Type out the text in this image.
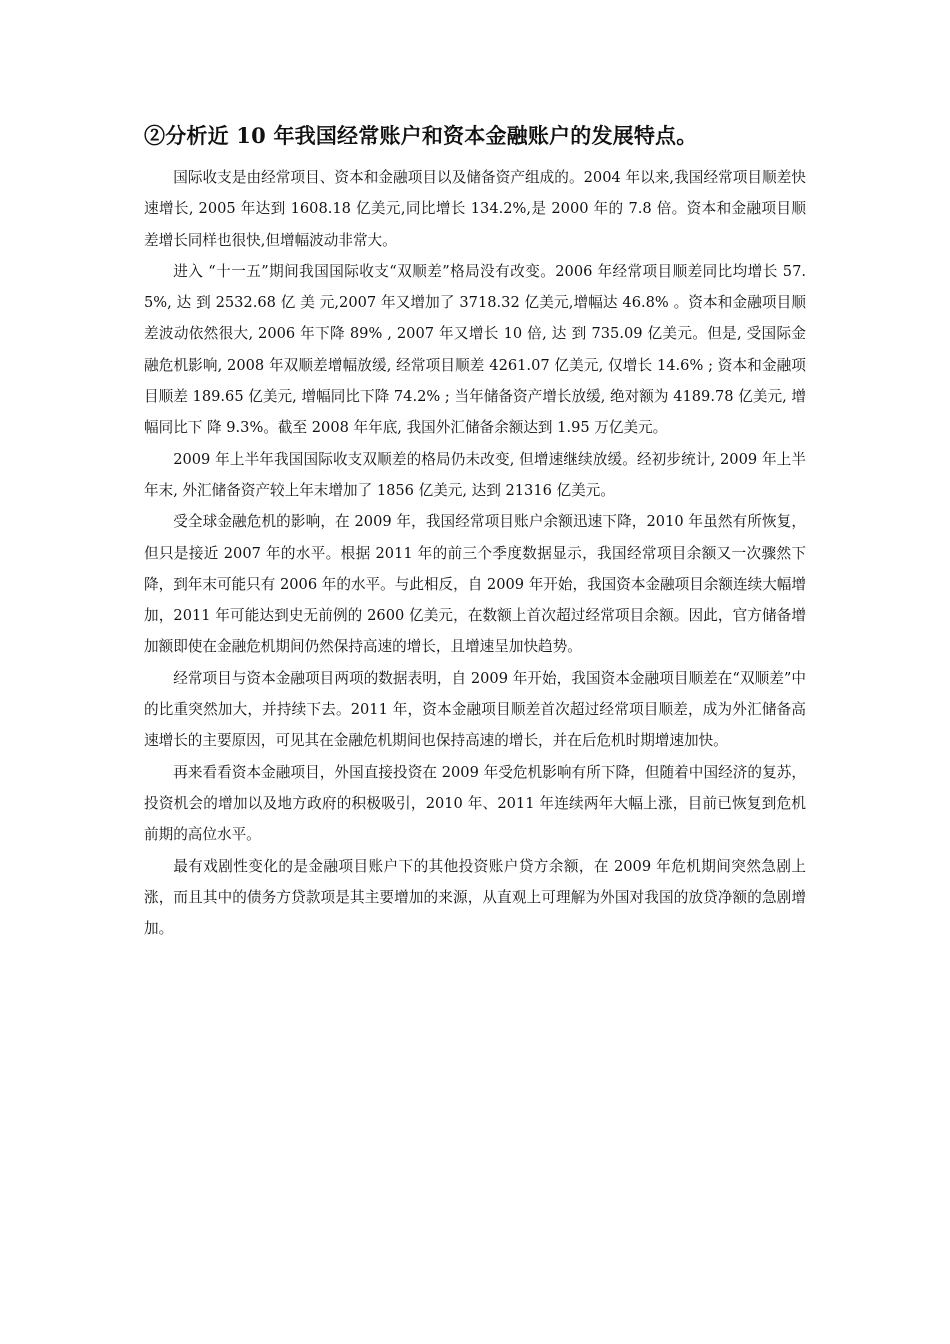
②分析近 10 年我国经常账户和资本金融账户的发展特点。

国际收支是由经常项目、资本和金融项目以及储备资产组成的。2004 年以来,我国经常项目顺差快速增长, 2005 年达到 1608.18 亿美元,同比增长 134.2%,是 2000 年的 7.8 倍。资本和金融项目顺差增长同样也很快,但增幅波动非常大。

进入 “十一五”期间我国国际收支“双顺差”格局没有改变。2006 年经常项目顺差同比均增长 57.5%, 达 到 2532.68 亿 美 元,2007 年又增加了 3718.32 亿美元,增幅达 46.8% 。资本和金融项目顺差波动依然很大, 2006 年下降 89% , 2007 年又增长 10 倍, 达 到 735.09 亿美元。但是, 受国际金融危机影响, 2008 年双顺差增幅放缓, 经常项目顺差 4261.07 亿美元, 仅增长 14.6% ; 资本和金融项目顺差 189.65 亿美元, 增幅同比下降 74.2% ; 当年储备资产增长放缓, 绝对额为 4189.78 亿美元, 增幅同比下 降 9.3%。截至 2008 年年底, 我国外汇储备余额达到 1.95 万亿美元。

2009 年上半年我国国际收支双顺差的格局仍未改变, 但增速继续放缓。经初步统计, 2009 年上半年末, 外汇储备资产较上年末增加了 1856 亿美元, 达到 21316 亿美元。

受全球金融危机的影响，在 2009 年，我国经常项目账户余额迅速下降，2010 年虽然有所恢复，但只是接近 2007 年的水平。根据 2011 年的前三个季度数据显示，我国经常项目余额又一次骤然下降，到年末可能只有 2006 年的水平。与此相反，自 2009 年开始，我国资本金融项目余额连续大幅增加，2011 年可能达到史无前例的 2600 亿美元，在数额上首次超过经常项目余额。因此，官方储备增加额即使在金融危机期间仍然保持高速的增长，且增速呈加快趋势。

经常项目与资本金融项目两项的数据表明，自 2009 年开始，我国资本金融项目顺差在“双顺差”中的比重突然加大，并持续下去。2011 年，资本金融项目顺差首次超过经常项目顺差，成为外汇储备高速增长的主要原因，可见其在金融危机期间也保持高速的增长，并在后危机时期增速加快。

再来看看资本金融项目，外国直接投资在 2009 年受危机影响有所下降，但随着中国经济的复苏，投资机会的增加以及地方政府的积极吸引，2010 年、2011 年连续两年大幅上涨，目前已恢复到危机前期的高位水平。

最有戏剧性变化的是金融项目账户下的其他投资账户贷方余额，在 2009 年危机期间突然急剧上涨，而且其中的债务方贷款项是其主要增加的来源，从直观上可理解为外国对我国的放贷净额的急剧增加。
